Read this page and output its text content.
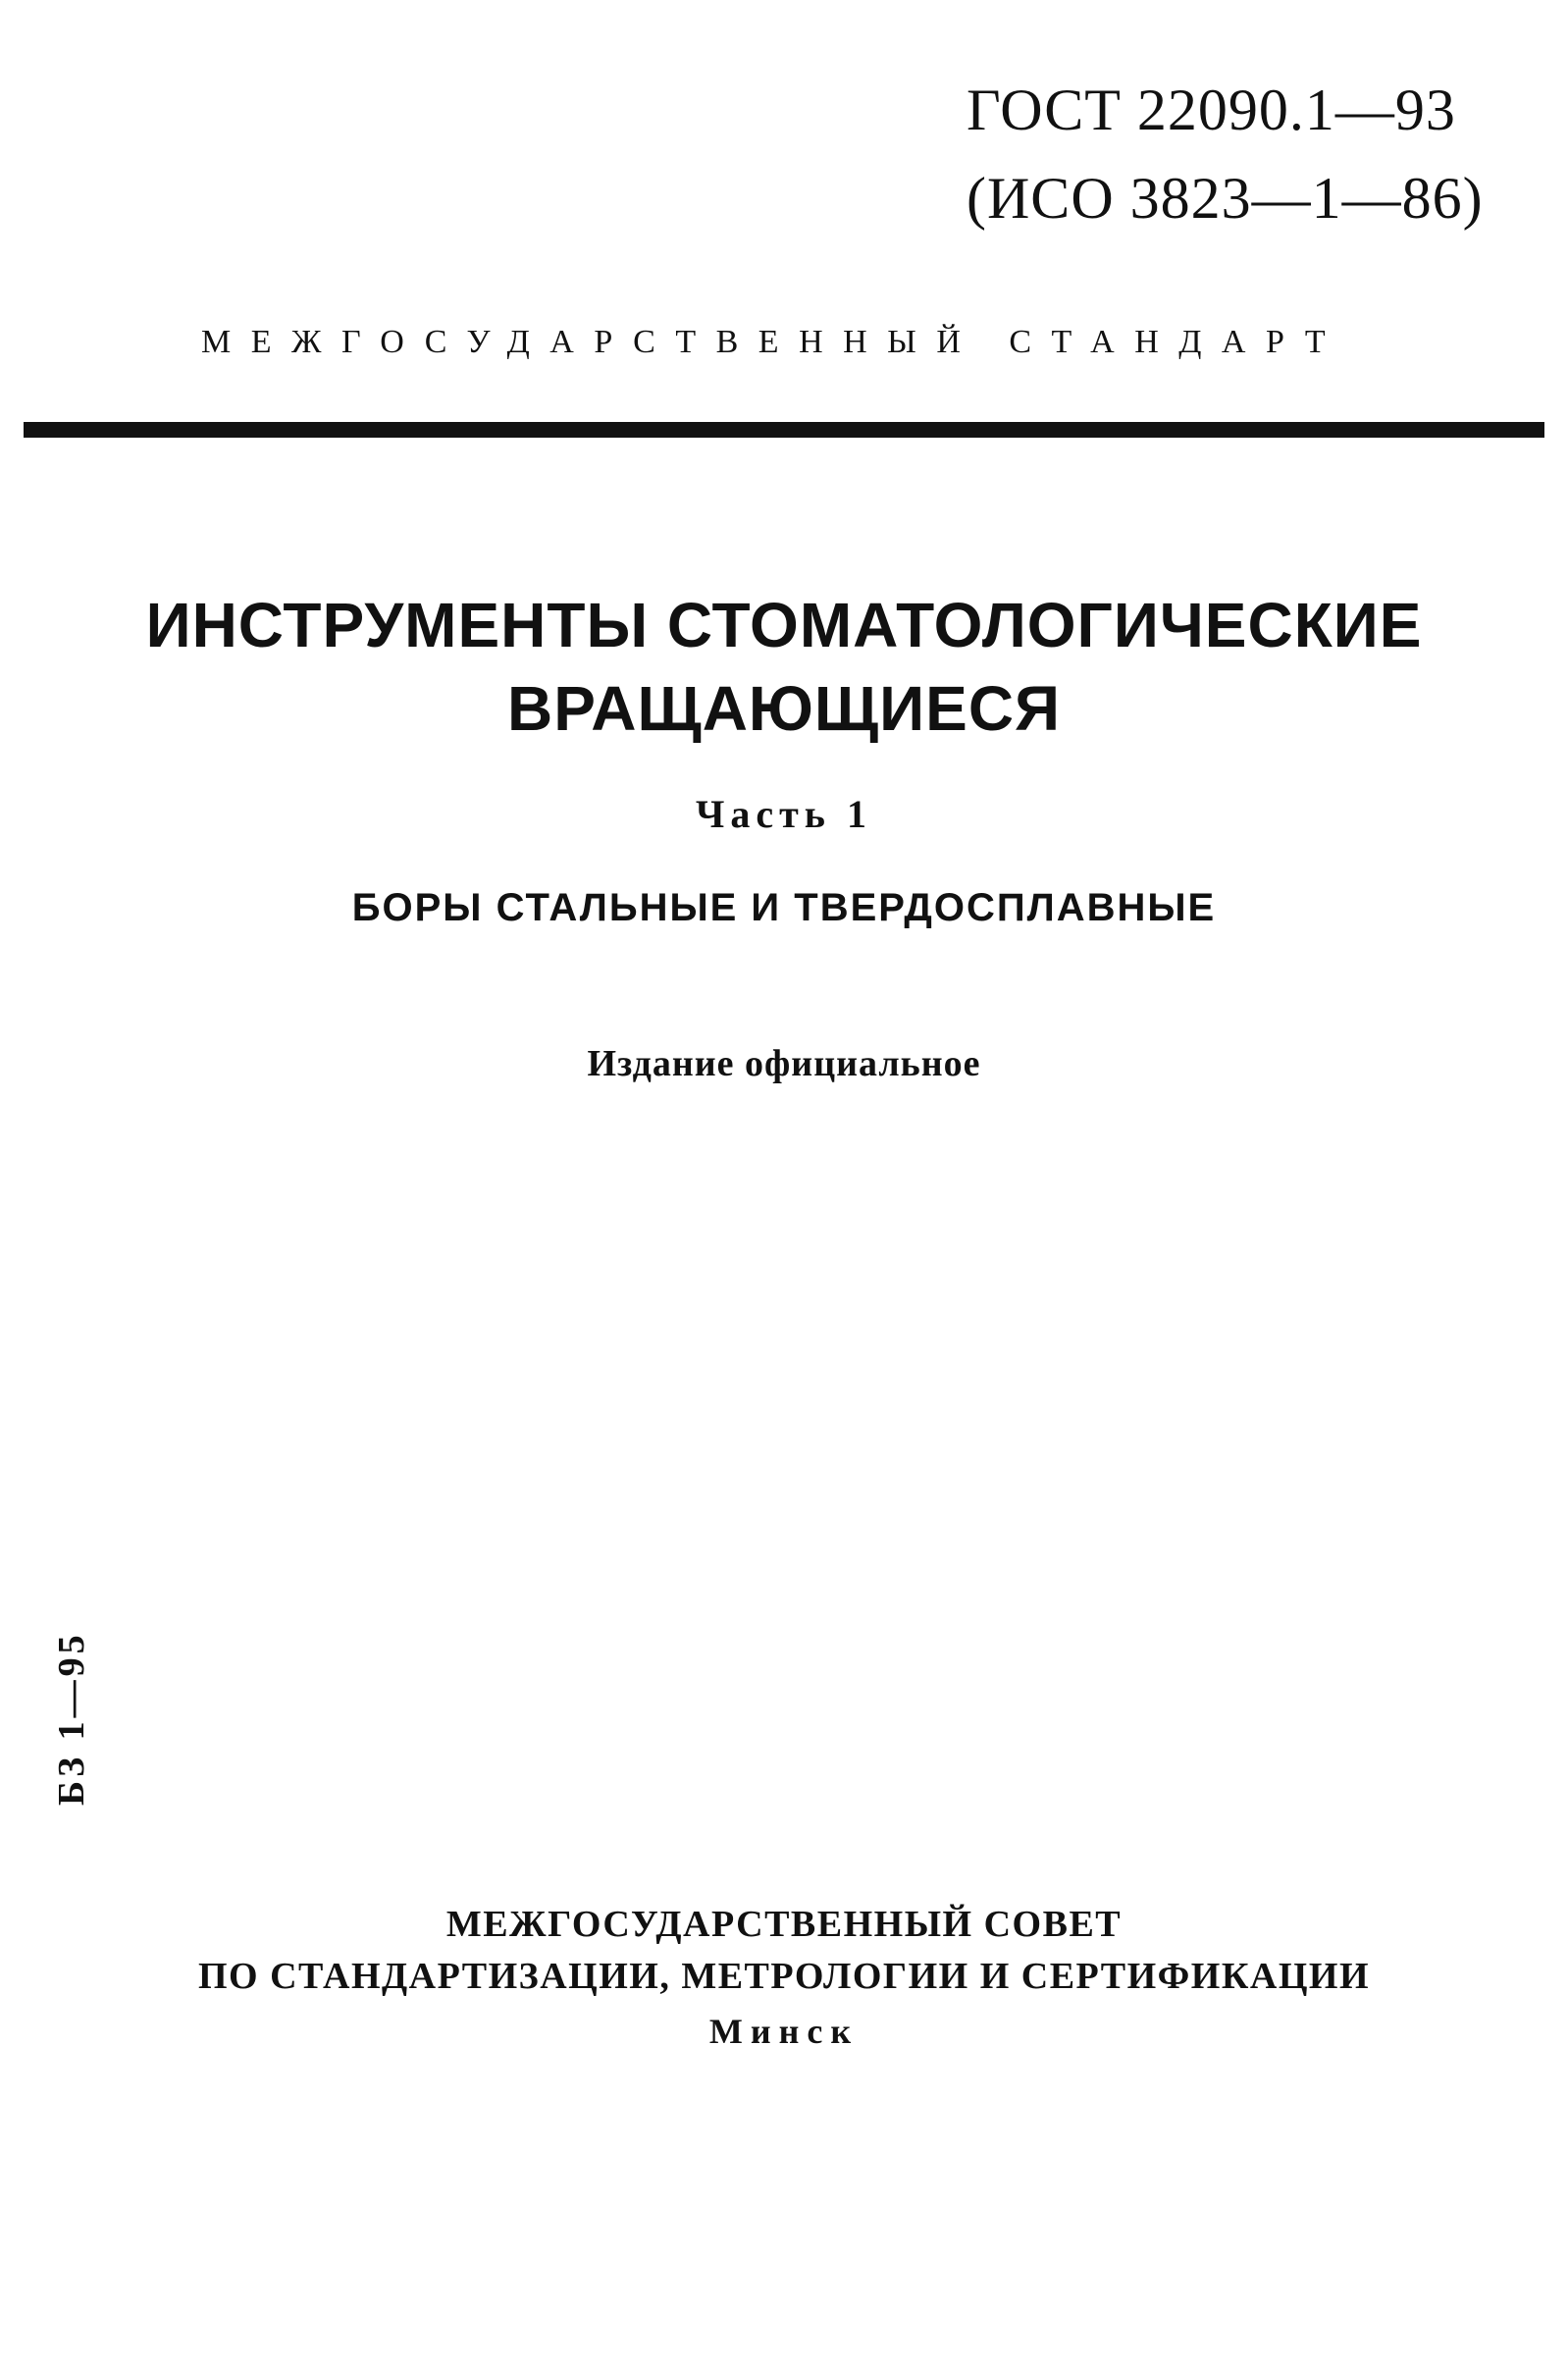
ГОСТ 22090.1—93
(ИСО 3823—1—86)
МЕЖГОСУДАРСТВЕННЫЙ СТАНДАРТ
ИНСТРУМЕНТЫ СТОМАТОЛОГИЧЕСКИЕ
ВРАЩАЮЩИЕСЯ
Часть 1
БОРЫ СТАЛЬНЫЕ И ТВЕРДОСПЛАВНЫЕ
Издание официальное
БЗ 1—95
МЕЖГОСУДАРСТВЕННЫЙ СОВЕТ
ПО СТАНДАРТИЗАЦИИ, МЕТРОЛОГИИ И СЕРТИФИКАЦИИ
Минск
